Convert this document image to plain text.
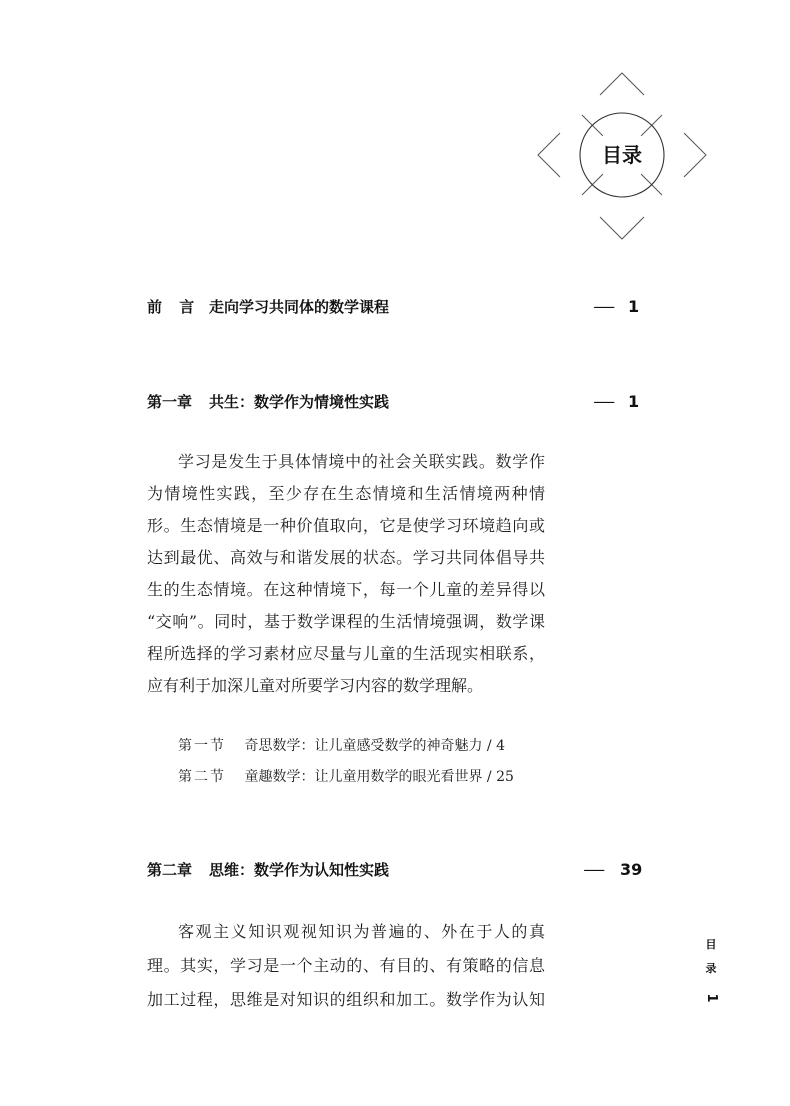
目录
前 言 走向学习共同体的数学课程	— 1
第一章 共生：数学作为情境性实践	— 1
学习是发生于具体情境中的社会关联实践。数学作
为情境性实践，至少存在生态情境和生活情境两种情
形。生态情境是一种价值取向，它是使学习环境趋向或
达到最优、高效与和谐发展的状态。学习共同体倡导共
生的生态情境。在这种情境下，每一个儿童的差异得以
“交响”。同时，基于数学课程的生活情境强调，数学课
程所选择的学习素材应尽量与儿童的生活现实相联系，
应有利于加深儿童对所要学习内容的数学理解。
第一节 奇思数学：让儿童感受数学的神奇魅力 / 4
第二节 童趣数学：让儿童用数学的眼光看世界 / 25
第二章 思维：数学作为认知性实践	— 39
客观主义知识观视知识为普遍的、外在于人的真
理。其实，学习是一个主动的、有目的、有策略的信息
加工过程，思维是对知识的组织和加工。数学作为认知
目
录
1
